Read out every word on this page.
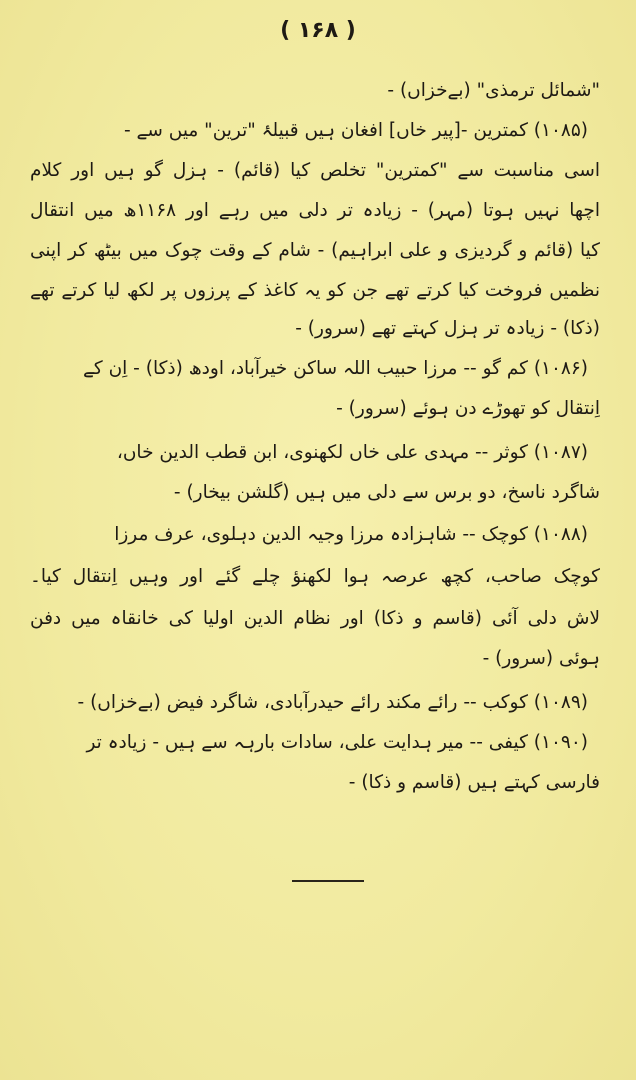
( ۱۶۸ )
"شمائل ترمذی" (بےخزاں) -
(۱۰۸۵) کمترین -[پیر خاں] افغان ہیں قبیلۂ "ترین" میں سے -
اسی مناسبت سے "کمترین" تخلص کیا (قائم) - ہزل گو ہیں اور کلام
اچھا نہیں ہوتا (مہر) - زیادہ تر دلی میں رہے اور ۱۱۶۸ھ میں انتقال
کیا (قائم و گردیزی و علی ابراہیم) - شام کے وقت چوک میں بیٹھ کر اپنی
نظمیں فروخت کیا کرتے تھے جن کو یہ کاغذ کے پرزوں پر لکھ لیا کرتے تھے
(ذکا) - زیادہ تر ہزل کہتے تھے (سرور) -
(۱۰۸۶) کم گو -- مرزا حبیب اللہ ساکن خیرآباد، اودھ (ذکا) - اِن کے
اِنتقال کو تھوڑے دن ہوئے (سرور) -
(۱۰۸۷) کوثر -- مہدی علی خاں لکھنوی، ابن قطب الدین خاں،
شاگرد ناسخ، دو برس سے دلی میں ہیں (گلشن بیخار) -
(۱۰۸۸) کوچک -- شاہزادہ مرزا وجیہ الدین دہلوی، عرف مرزا
کوچک صاحب، کچھ عرصہ ہوا لکھنؤ چلے گئے اور وہیں اِنتقال کیا۔
لاش دلی آئی (قاسم و ذکا) اور نظام الدین اولیا کی خانقاہ میں دفن
ہوئی (سرور) -
(۱۰۸۹) کوکب -- رائے مکند رائے حیدرآبادی، شاگرد فیض (بےخزاں) -
(۱۰۹۰) کیفی -- میر ہدایت علی، سادات بارہہ سے ہیں - زیادہ تر
فارسی کہتے ہیں (قاسم و ذکا) -
